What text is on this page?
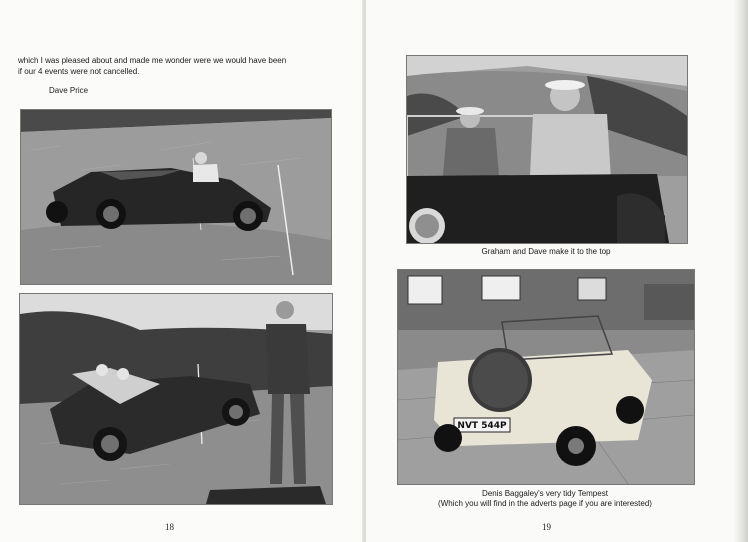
which I was pleased about and made me wonder were we would have been
if our 4 events were not cancelled.
Dave Price
18
Graham and Dave make it to the top
NVT 544P
Denis Baggaley's very tidy Tempest
(Which you will find in the adverts page if you are interested)
19
